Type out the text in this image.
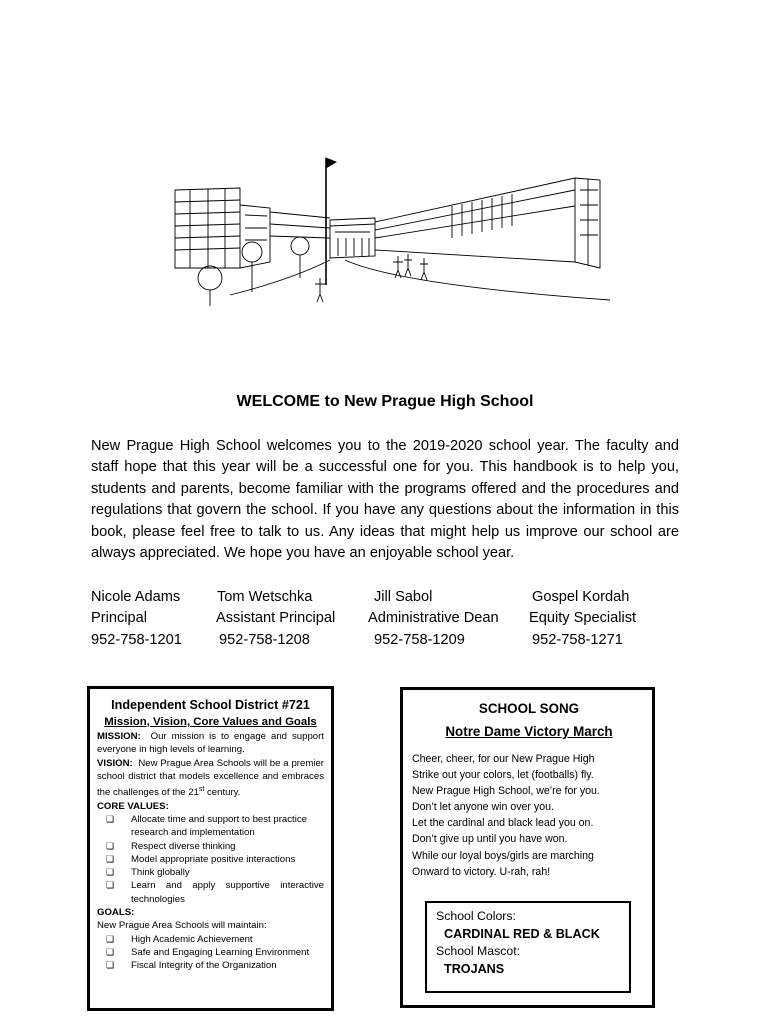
WELCOME to New Prague High School

New Prague High School welcomes you to the 2019-2020 school year. The faculty and staff hope that this year will be a successful one for you. This handbook is to help you, students and parents, become familiar with the programs offered and the procedures and regulations that govern the school. If you have any questions about the information in this book, please feel free to talk to us. Any ideas that might help us improve our school are always appreciated. We hope you have an enjoyable school year.

Nicole Adams
Principal
952-758-1201
Tom Wetschka
Assistant Principal
952-758-1208
Jill Sabol
Administrative Dean
952-758-1209
Gospel Kordah
Equity Specialist
952-758-1271
Independent School District #721
Mission, Vision, Core Values and Goals
MISSION: Our mission is to engage and support everyone in high levels of learning.
VISION: New Prague Area Schools will be a premier school district that models excellence and embraces the challenges of the 21st century.
CORE VALUES:
❏ Allocate time and support to best practice research and implementation
❏ Respect diverse thinking
❏ Model appropriate positive interactions
❏ Think globally
❏ Learn and apply supportive interactive technologies
GOALS:
New Prague Area Schools will maintain:
❏ High Academic Achievement
❏ Safe and Engaging Learning Environment
❏ Fiscal Integrity of the Organization
SCHOOL SONG
Notre Dame Victory March
Cheer, cheer, for our New Prague High
Strike out your colors, let (footballs) fly.
New Prague High School, we’re for you.
Don’t let anyone win over you.
Let the cardinal and black lead you on.
Don’t give up until you have won.
While our loyal boys/girls are marching
Onward to victory. U-rah, rah!
School Colors:
CARDINAL RED & BLACK
School Mascot:
TROJANS
